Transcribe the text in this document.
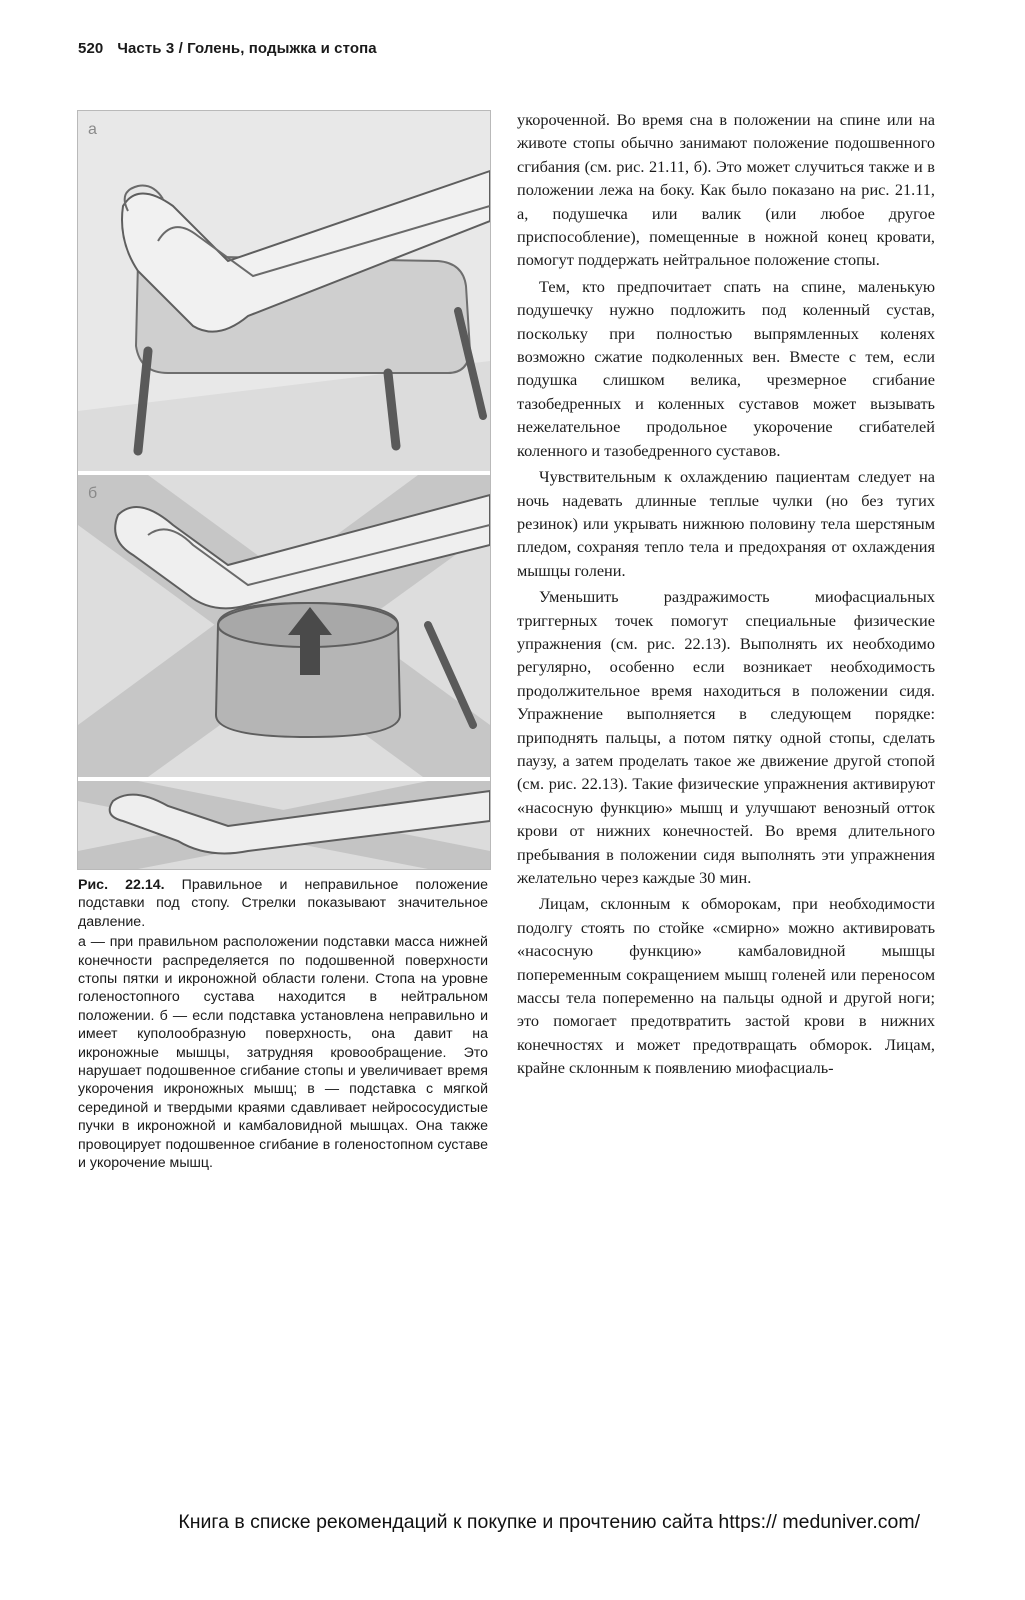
520 Часть 3 / Голень, подыжка и стопа
а
б

Рис. 22.14. Правильное и неправильное положение подставки под стопу. Стрелки показывают значительное давление.

а — при правильном расположении подставки масса нижней конечности распределяется по подошвенной поверхности стопы пятки и икроножной области голени. Стопа на уровне голеностопного сустава находится в нейтральном положении. б — если подставка установлена неправильно и имеет куполообразную поверхность, она давит на икроножные мышцы, затрудняя кровообращение. Это нарушает подошвенное сгибание стопы и увеличивает время укорочения икроножных мышц; в — подставка с мягкой серединой и твердыми краями сдавливает нейрососудистые пучки в икроножной и камбаловидной мышцах. Она также провоцирует подошвенное сгибание в голеностопном суставе и укорочение мышц.

укороченной. Во время сна в положении на спине или на животе стопы обычно занимают положение подошвенного сгибания (см. рис. 21.11, б). Это может случиться также и в положении лежа на боку. Как было показано на рис. 21.11, а, подушечка или валик (или любое другое приспособление), помещенные в ножной конец кровати, помогут поддержать нейтральное положение стопы.

Тем, кто предпочитает спать на спине, маленькую подушечку нужно подложить под коленный сустав, поскольку при полностью выпрямленных коленях возможно сжатие подколенных вен. Вместе с тем, если подушка слишком велика, чрезмерное сгибание тазобедренных и коленных суставов может вызывать нежелательное продольное укорочение сгибателей коленного и тазобедренного суставов.

Чувствительным к охлаждению пациентам следует на ночь надевать длинные теплые чулки (но без тугих резинок) или укрывать нижнюю половину тела шерстяным пледом, сохраняя тепло тела и предохраняя от охлаждения мышцы голени.

Уменьшить раздражимость миофасциальных триггерных точек помогут специальные физические упражнения (см. рис. 22.13). Выполнять их необходимо регулярно, особенно если возникает необходимость продолжительное время находиться в положении сидя. Упражнение выполняется в следующем порядке: приподнять пальцы, а потом пятку одной стопы, сделать паузу, а затем проделать такое же движение другой стопой (см. рис. 22.13). Такие физические упражнения активируют «насосную функцию» мышц и улучшают венозный отток крови от нижних конечностей. Во время длительного пребывания в положении сидя выполнять эти упражнения желательно через каждые 30 мин.

Лицам, склонным к обморокам, при необходимости подолгу стоять по стойке «смирно» можно активировать «насосную функцию» камбаловидной мышцы попеременным сокращением мышц голеней или переносом массы тела попеременно на пальцы одной и другой ноги; это помогает предотвратить застой крови в нижних конечностях и может предотвращать обморок. Лицам, крайне склонным к появлению миофасциаль-

Книга в списке рекомендаций к покупке и прочтению сайта https:// meduniver.com/
